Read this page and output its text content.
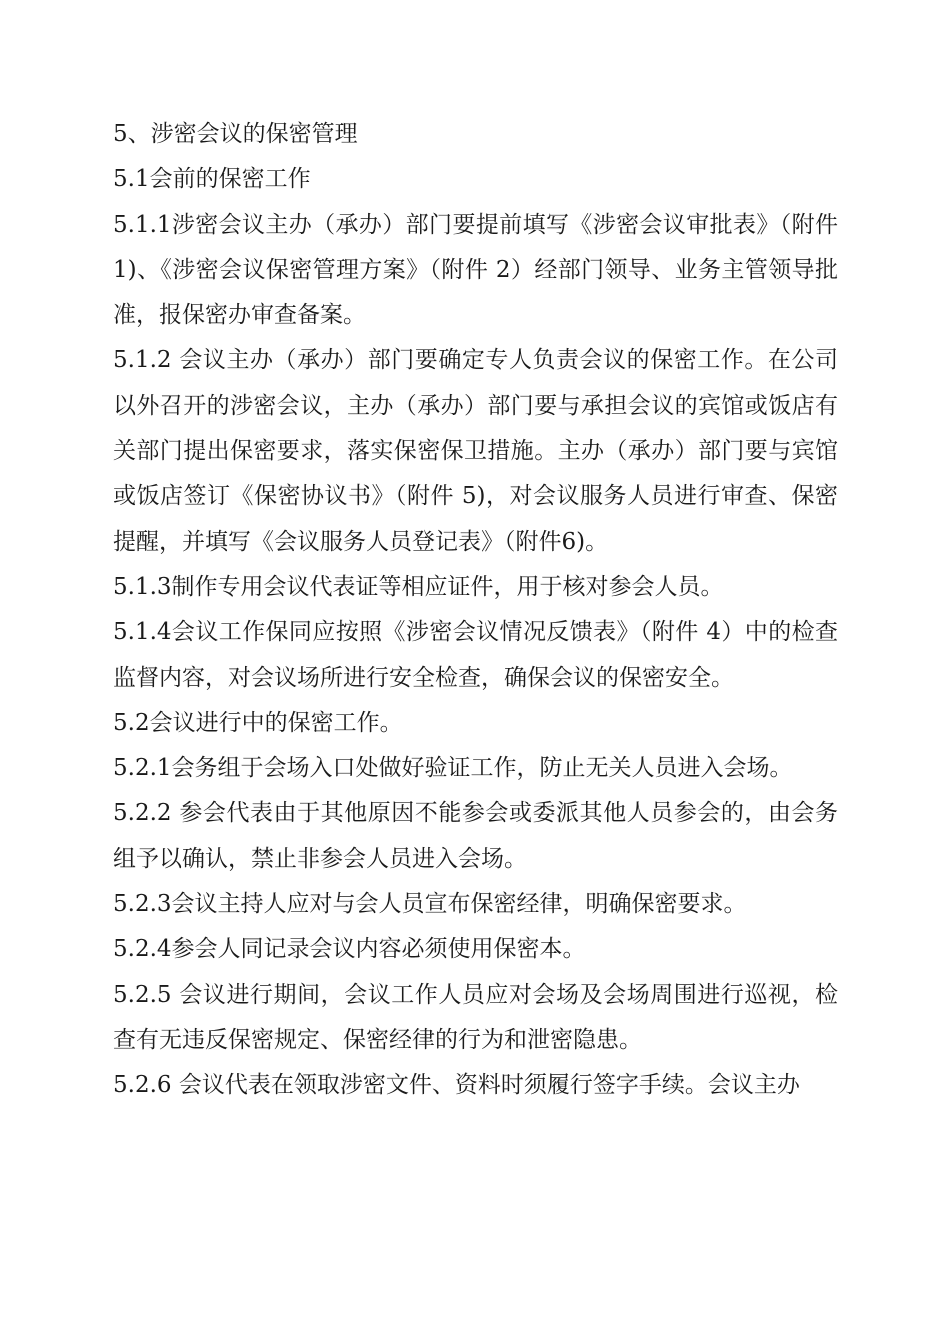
5、涉密会议的保密管理

5.1会前的保密工作

5.1.1涉密会议主办（承办）部门要提前填写《涉密会议审批表》（附件 1)、《涉密会议保密管理方案》（附件 2）经部门领导、业务主管领导批准，报保密办审查备案。

5.1.2 会议主办（承办）部门要确定专人负责会议的保密工作。在公司以外召开的涉密会议，主办（承办）部门要与承担会议的宾馆或饭店有关部门提出保密要求，落实保密保卫措施。主办（承办）部门要与宾馆或饭店签订《保密协议书》（附件 5)，对会议服务人员进行审查、保密提醒，并填写《会议服务人员登记表》（附件6)。

5.1.3制作专用会议代表证等相应证件，用于核对参会人员。

5.1.4会议工作保同应按照《涉密会议情况反馈表》（附件 4）中的检查监督内容，对会议场所进行安全检查，确保会议的保密安全。

5.2会议进行中的保密工作。

5.2.1会务组于会场入口处做好验证工作，防止无关人员进入会场。

5.2.2 参会代表由于其他原因不能参会或委派其他人员参会的，由会务组予以确认，禁止非参会人员进入会场。

5.2.3会议主持人应对与会人员宣布保密经律，明确保密要求。

5.2.4参会人同记录会议内容必须使用保密本。

5.2.5 会议进行期间，会议工作人员应对会场及会场周围进行巡视，检查有无违反保密规定、保密经律的行为和泄密隐患。

5.2.6 会议代表在领取涉密文件、资料时须履行签字手续。会议主办
